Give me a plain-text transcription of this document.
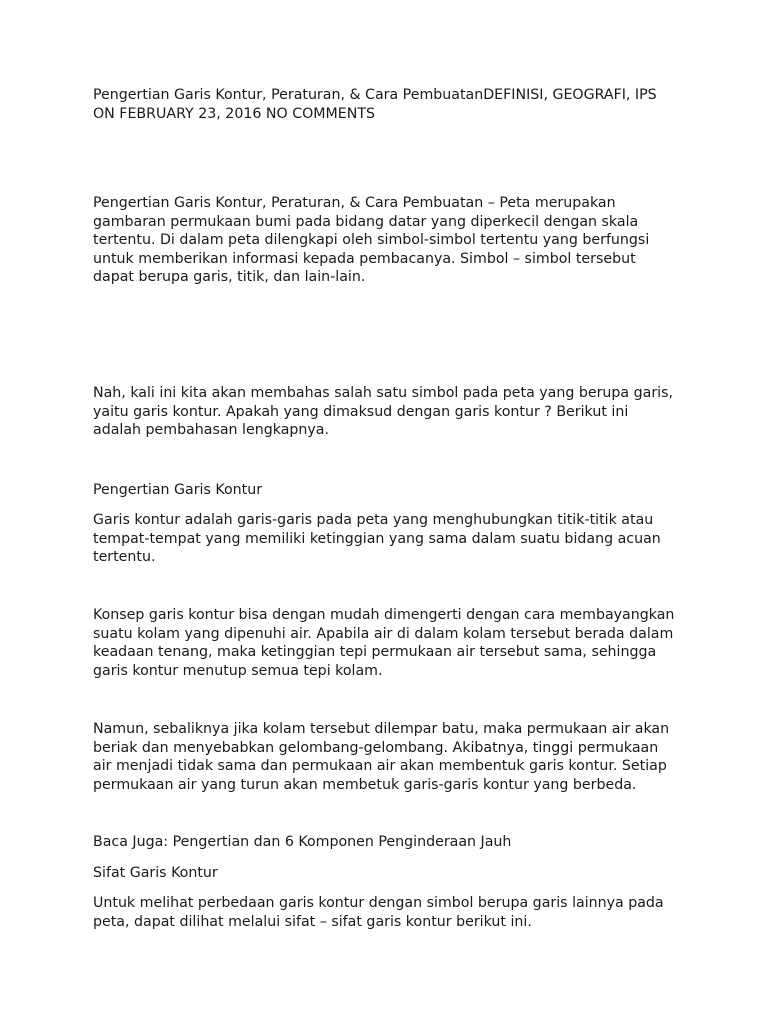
Pengertian Garis Kontur, Peraturan, & Cara PembuatanDEFINISI, GEOGRAFI, IPS
ON FEBRUARY 23, 2016 NO COMMENTS

Pengertian Garis Kontur, Peraturan, & Cara Pembuatan – Peta merupakan
gambaran permukaan bumi pada bidang datar yang diperkecil dengan skala
tertentu. Di dalam peta dilengkapi oleh simbol-simbol tertentu yang berfungsi
untuk memberikan informasi kepada pembacanya. Simbol – simbol tersebut
dapat berupa garis, titik, dan lain-lain.

Nah, kali ini kita akan membahas salah satu simbol pada peta yang berupa garis,
yaitu garis kontur. Apakah yang dimaksud dengan garis kontur ? Berikut ini
adalah pembahasan lengkapnya.

Pengertian Garis Kontur

Garis kontur adalah garis-garis pada peta yang menghubungkan titik-titik atau
tempat-tempat yang memiliki ketinggian yang sama dalam suatu bidang acuan
tertentu.

Konsep garis kontur bisa dengan mudah dimengerti dengan cara membayangkan
suatu kolam yang dipenuhi air. Apabila air di dalam kolam tersebut berada dalam
keadaan tenang, maka ketinggian tepi permukaan air tersebut sama, sehingga
garis kontur menutup semua tepi kolam.

Namun, sebaliknya jika kolam tersebut dilempar batu, maka permukaan air akan
beriak dan menyebabkan gelombang-gelombang. Akibatnya, tinggi permukaan
air menjadi tidak sama dan permukaan air akan membentuk garis kontur. Setiap
permukaan air yang turun akan membetuk garis-garis kontur yang berbeda.

Baca Juga: Pengertian dan 6 Komponen Penginderaan Jauh

Sifat Garis Kontur

Untuk melihat perbedaan garis kontur dengan simbol berupa garis lainnya pada
peta, dapat dilihat melalui sifat – sifat garis kontur berikut ini.
